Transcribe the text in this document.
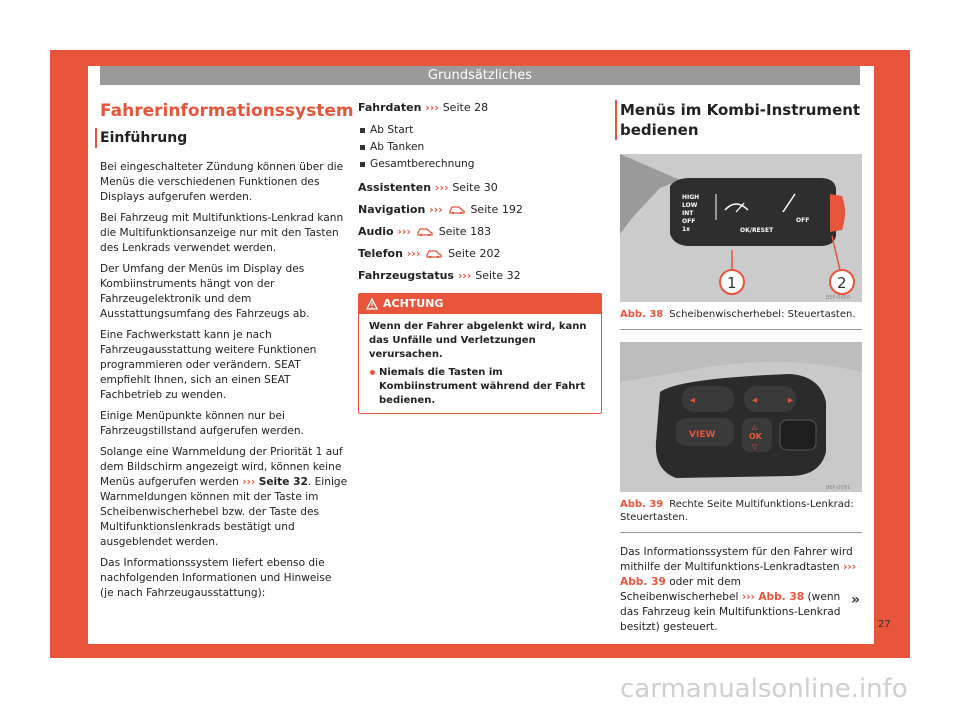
Grundsätzliches
Fahrerinformationssystem
Einführung

Bei eingeschalteter Zündung können über die Menüs die verschiedenen Funktionen des Displays aufgerufen werden.

Bei Fahrzeug mit Multifunktions-Lenkrad kann die Multifunktionsanzeige nur mit den Tasten des Lenkrads verwendet werden.

Der Umfang der Menüs im Display des Kombiinstruments hängt von der Fahrzeugelektronik und dem Ausstattungsumfang des Fahrzeugs ab.

Eine Fachwerkstatt kann je nach Fahrzeugausstattung weitere Funktionen programmieren oder verändern. SEAT empfiehlt Ihnen, sich an einen SEAT Fachbetrieb zu wenden.

Einige Menüpunkte können nur bei Fahrzeugstillstand aufgerufen werden.

Solange eine Warnmeldung der Priorität 1 auf dem Bildschirm angezeigt wird, können keine Menüs aufgerufen werden ››› Seite 32. Einige Warnmeldungen können mit der Taste im Scheibenwischerhebel bzw. der Taste des Multifunktionslenkrads bestätigt und ausgeblendet werden.

Das Informationssystem liefert ebenso die nachfolgenden Informationen und Hinweise (je nach Fahrzeugausstattung):

Fahrdaten ››› Seite 28
Ab Start
Ab Tanken
Gesamtberechnung
Assistenten ››› Seite 30
Navigation ›››	Seite 192
Audio ›››	Seite 183
Telefon ›››	Seite 202
Fahrzeugstatus ››› Seite 32
ACHTUNG
Wenn der Fahrer abgelenkt wird, kann das Unfälle und Verletzungen verursachen.
Niemals die Tasten im Kombiinstrument während der Fahrt bedienen.
Menüs im Kombi-Instrument bedienen
HIGH
LOW
INT
OFF
1x	OK/RESET
OFF
1	2
B5F-0950
Abb. 38 Scheibenwischerhebel: Steuertasten.
◂	◂	▸
VIEW	OK
△
▽
B6F-0091
Abb. 39 Rechte Seite Multifunktions-Lenkrad: Steuertasten.

Das Informationssystem für den Fahrer wird mithilfe der Multifunktions-Lenkradtasten ››› Abb. 39 oder mit dem Scheibenwischerhebel ››› Abb. 38 (wenn das Fahrzeug kein Multifunktions-Lenkrad besitzt) gesteuert.

»
27
carmanualsonline.info
